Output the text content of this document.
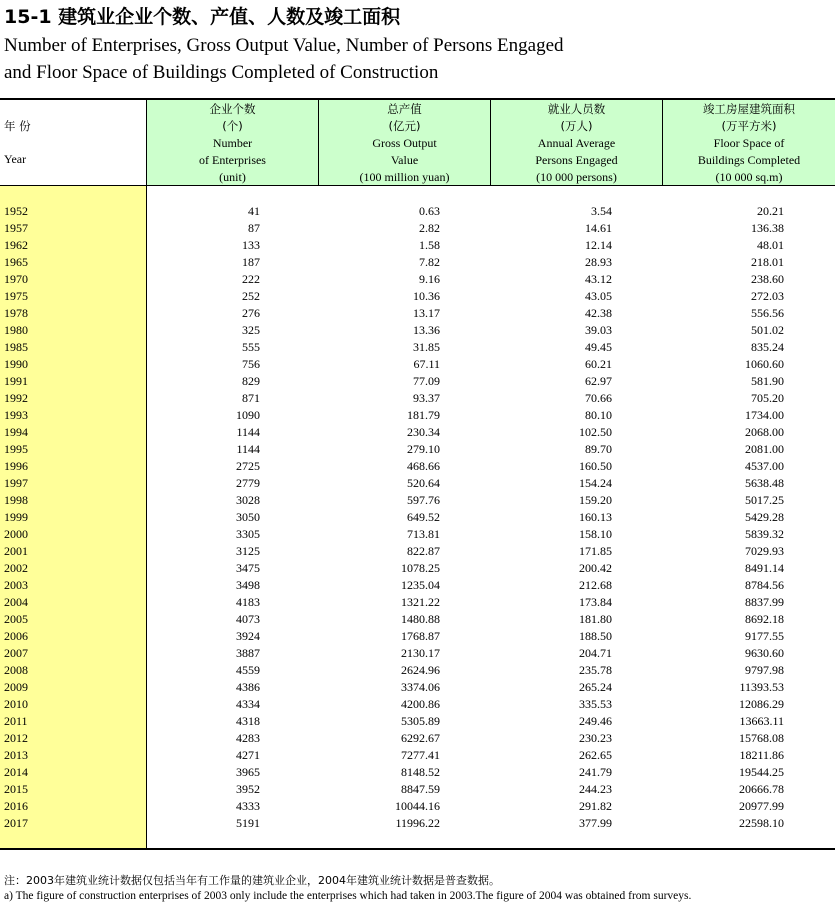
15-1 建筑业企业个数、产值、人数及竣工面积
Number of Enterprises, Gross Output Value, Number of Persons Engaged
and Floor Space of Buildings Completed of Construction
年 份
Year
企业个数
(个)
Number
of Enterprises
(unit)
总产值
(亿元)
Gross Output
Value
(100 million yuan)
就业人员数
(万人)
Annual Average
Persons Engaged
(10 000 persons)
竣工房屋建筑面积
(万平方米)
Floor Space of
Buildings Completed
(10 000 sq.m)
1952	41	0.63	3.54	20.21
1957	87	2.82	14.61	136.38
1962	133	1.58	12.14	48.01
1965	187	7.82	28.93	218.01
1970	222	9.16	43.12	238.60
1975	252	10.36	43.05	272.03
1978	276	13.17	42.38	556.56
1980	325	13.36	39.03	501.02
1985	555	31.85	49.45	835.24
1990	756	67.11	60.21	1060.60
1991	829	77.09	62.97	581.90
1992	871	93.37	70.66	705.20
1993	1090	181.79	80.10	1734.00
1994	1144	230.34	102.50	2068.00
1995	1144	279.10	89.70	2081.00
1996	2725	468.66	160.50	4537.00
1997	2779	520.64	154.24	5638.48
1998	3028	597.76	159.20	5017.25
1999	3050	649.52	160.13	5429.28
2000	3305	713.81	158.10	5839.32
2001	3125	822.87	171.85	7029.93
2002	3475	1078.25	200.42	8491.14
2003	3498	1235.04	212.68	8784.56
2004	4183	1321.22	173.84	8837.99
2005	4073	1480.88	181.80	8692.18
2006	3924	1768.87	188.50	9177.55
2007	3887	2130.17	204.71	9630.60
2008	4559	2624.96	235.78	9797.98
2009	4386	3374.06	265.24	11393.53
2010	4334	4200.86	335.53	12086.29
2011	4318	5305.89	249.46	13663.11
2012	4283	6292.67	230.23	15768.08
2013	4271	7277.41	262.65	18211.86
2014	3965	8148.52	241.79	19544.25
2015	3952	8847.59	244.23	20666.78
2016	4333	10044.16	291.82	20977.99
2017	5191	11996.22	377.99	22598.10
注：2003年建筑业统计数据仅包括当年有工作量的建筑业企业，2004年建筑业统计数据是普查数据。
a) The figure of construction enterprises of 2003 only include the enterprises which had taken in 2003.The figure of 2004 was obtained from surveys.
